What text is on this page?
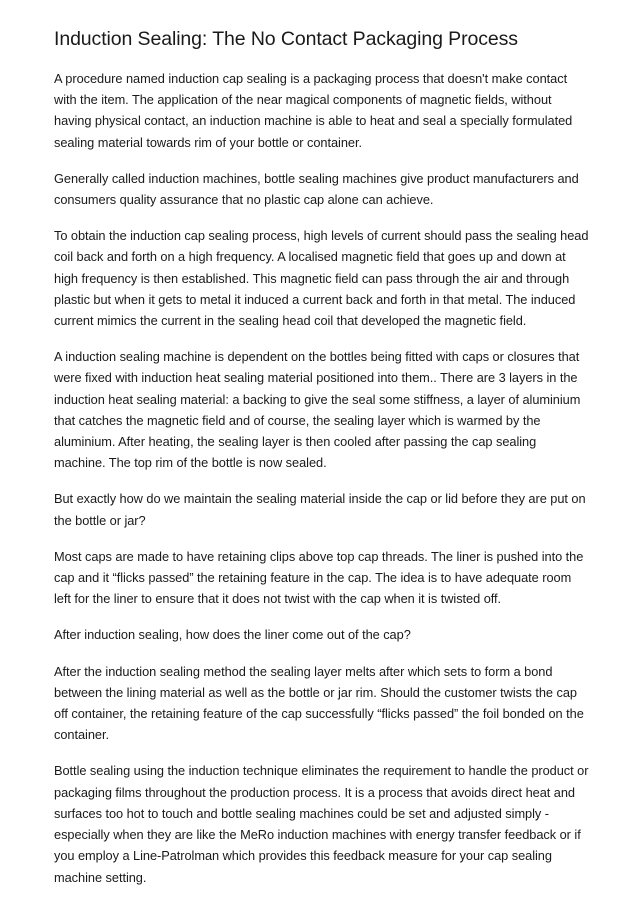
Induction Sealing: The No Contact Packaging Process

A procedure named induction cap sealing is a packaging process that doesn't make contact with the item. The application of the near magical components of magnetic fields, without having physical contact, an induction machine is able to heat and seal a specially formulated sealing material towards rim of your bottle or container.

Generally called induction machines, bottle sealing machines give product manufacturers and consumers quality assurance that no plastic cap alone can achieve.

To obtain the induction cap sealing process, high levels of current should pass the sealing head coil back and forth on a high frequency. A localised magnetic field that goes up and down at high frequency is then established. This magnetic field can pass through the air and through plastic but when it gets to metal it induced a current back and forth in that metal. The induced current mimics the current in the sealing head coil that developed the magnetic field.

A induction sealing machine is dependent on the bottles being fitted with caps or closures that were fixed with induction heat sealing material positioned into them.. There are 3 layers in the induction heat sealing material: a backing to give the seal some stiffness, a layer of aluminium that catches the magnetic field and of course, the sealing layer which is warmed by the aluminium. After heating, the sealing layer is then cooled after passing the cap sealing machine. The top rim of the bottle is now sealed.

But exactly how do we maintain the sealing material inside the cap or lid before they are put on the bottle or jar?

Most caps are made to have retaining clips above top cap threads. The liner is pushed into the cap and it “flicks passed” the retaining feature in the cap. The idea is to have adequate room left for the liner to ensure that it does not twist with the cap when it is twisted off.

After induction sealing, how does the liner come out of the cap?

After the induction sealing method the sealing layer melts after which sets to form a bond between the lining material as well as the bottle or jar rim. Should the customer twists the cap off container, the retaining feature of the cap successfully “flicks passed” the foil bonded on the container.

Bottle sealing using the induction technique eliminates the requirement to handle the product or packaging films throughout the production process. It is a process that avoids direct heat and surfaces too hot to touch and bottle sealing machines could be set and adjusted simply - especially when they are like the MeRo induction machines with energy transfer feedback or if you employ a Line-Patrolman which provides this feedback measure for your cap sealing machine setting.
